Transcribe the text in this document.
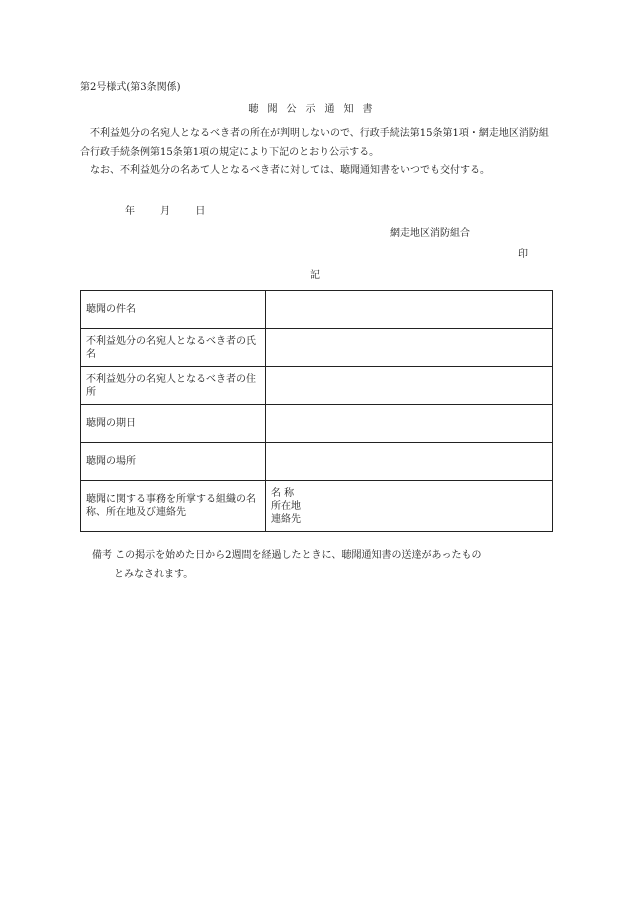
第2号様式(第3条関係)
聴聞公示通知書
不利益処分の名宛人となるべき者の所在が判明しないので、行政手続法第15条第1項・網走地区消防組合行政手続条例第15条第1項の規定により下記のとおり公示する。
なお、不利益処分の名あて人となるべき者に対しては、聴聞通知書をいつでも交付する。
年 月 日
網走地区消防組合
印
記
聴聞の件名	
不利益処分の名宛人となるべき者の氏名	
不利益処分の名宛人となるべき者の住所	
聴聞の期日	
聴聞の場所	
聴聞に関する事務を所掌する組織の名称、所在地及び連絡先	名 称
所在地
連絡先
備考 この掲示を始めた日から2週間を経過したときに、聴聞通知書の送達があったもの
とみなされます。
